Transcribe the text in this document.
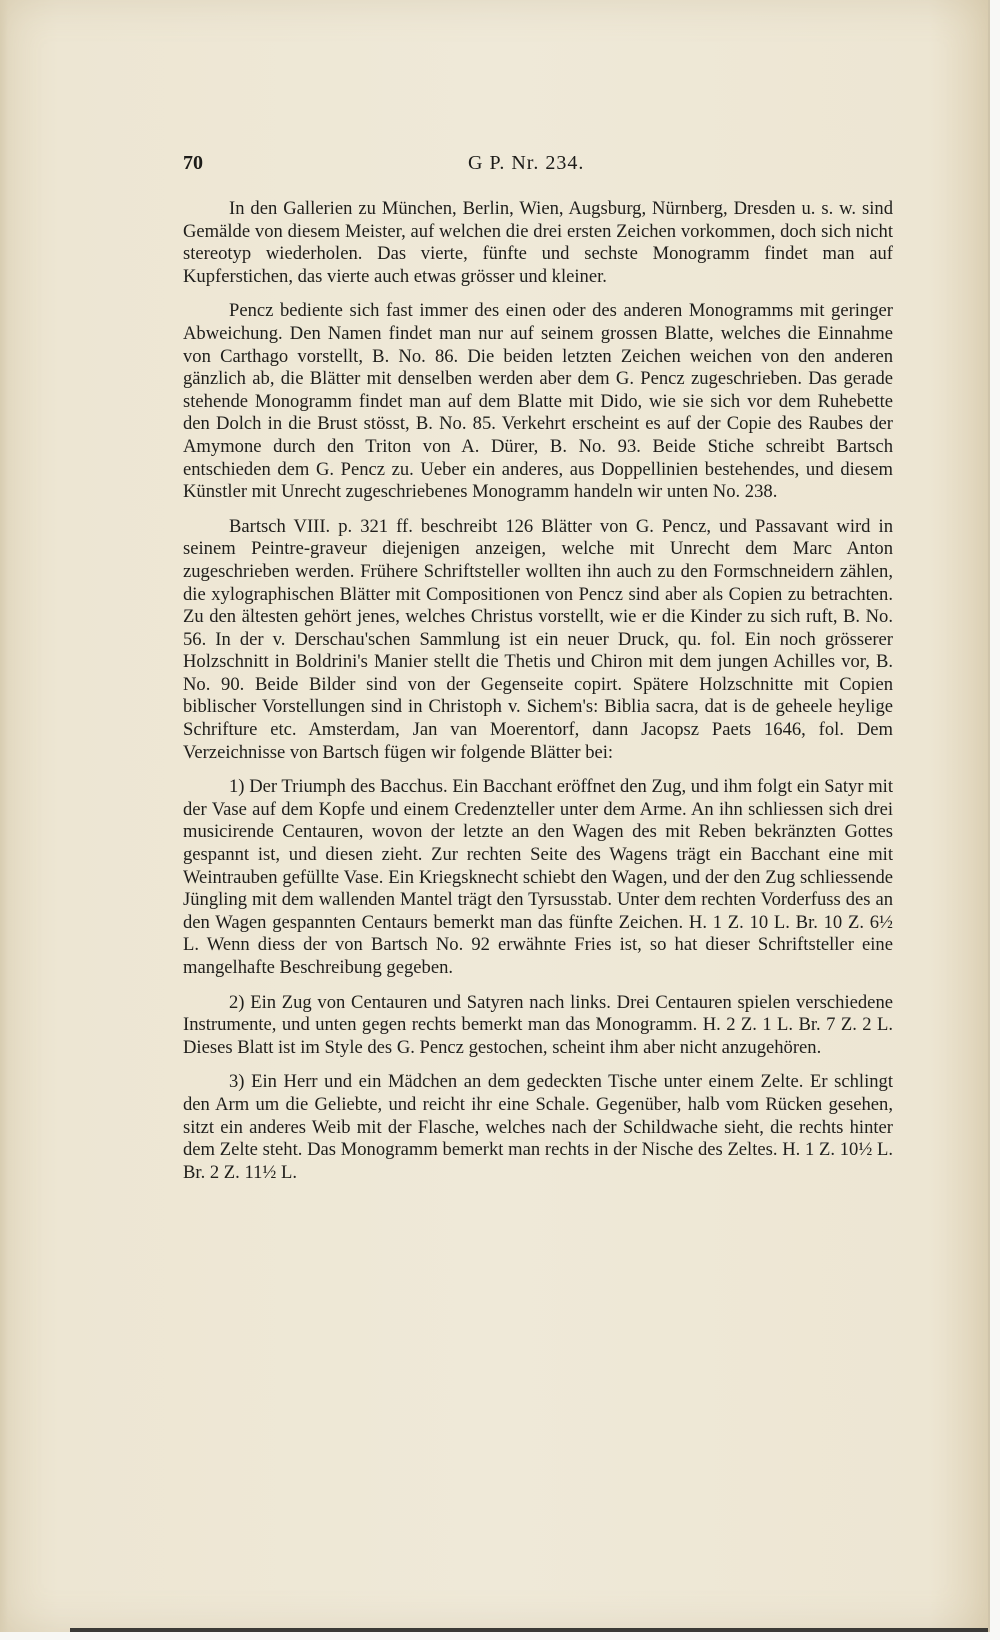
70	G P. Nr. 234.

In den Gallerien zu München, Berlin, Wien, Augsburg, Nürnberg, Dresden u. s. w. sind Gemälde von diesem Meister, auf welchen die drei ersten Zeichen vorkommen, doch sich nicht stereotyp wiederholen. Das vierte, fünfte und sechste Monogramm findet man auf Kupferstichen, das vierte auch etwas grösser und kleiner.

Pencz bediente sich fast immer des einen oder des anderen Monogramms mit geringer Abweichung. Den Namen findet man nur auf seinem grossen Blatte, welches die Einnahme von Carthago vorstellt, B. No. 86. Die beiden letzten Zeichen weichen von den anderen gänzlich ab, die Blätter mit denselben werden aber dem G. Pencz zugeschrieben. Das gerade stehende Monogramm findet man auf dem Blatte mit Dido, wie sie sich vor dem Ruhebette den Dolch in die Brust stösst, B. No. 85. Verkehrt erscheint es auf der Copie des Raubes der Amymone durch den Triton von A. Dürer, B. No. 93. Beide Stiche schreibt Bartsch entschieden dem G. Pencz zu. Ueber ein anderes, aus Doppellinien bestehendes, und diesem Künstler mit Unrecht zugeschriebenes Monogramm handeln wir unten No. 238.

Bartsch VIII. p. 321 ff. beschreibt 126 Blätter von G. Pencz, und Passavant wird in seinem Peintre-graveur diejenigen anzeigen, welche mit Unrecht dem Marc Anton zugeschrieben werden. Frühere Schriftsteller wollten ihn auch zu den Formschneidern zählen, die xylographischen Blätter mit Compositionen von Pencz sind aber als Copien zu betrachten. Zu den ältesten gehört jenes, welches Christus vorstellt, wie er die Kinder zu sich ruft, B. No. 56. In der v. Derschau'schen Sammlung ist ein neuer Druck, qu. fol. Ein noch grösserer Holzschnitt in Boldrini's Manier stellt die Thetis und Chiron mit dem jungen Achilles vor, B. No. 90. Beide Bilder sind von der Gegenseite copirt. Spätere Holzschnitte mit Copien biblischer Vorstellungen sind in Christoph v. Sichem's: Biblia sacra, dat is de geheele heylige Schrifture etc. Amsterdam, Jan van Moerentorf, dann Jacopsz Paets 1646, fol. Dem Verzeichnisse von Bartsch fügen wir folgende Blätter bei:

1) Der Triumph des Bacchus. Ein Bacchant eröffnet den Zug, und ihm folgt ein Satyr mit der Vase auf dem Kopfe und einem Credenzteller unter dem Arme. An ihn schliessen sich drei musicirende Centauren, wovon der letzte an den Wagen des mit Reben bekränzten Gottes gespannt ist, und diesen zieht. Zur rechten Seite des Wagens trägt ein Bacchant eine mit Weintrauben gefüllte Vase. Ein Kriegsknecht schiebt den Wagen, und der den Zug schliessende Jüngling mit dem wallenden Mantel trägt den Tyrsusstab. Unter dem rechten Vorderfuss des an den Wagen gespannten Centaurs bemerkt man das fünfte Zeichen. H. 1 Z. 10 L. Br. 10 Z. 6½ L. Wenn diess der von Bartsch No. 92 erwähnte Fries ist, so hat dieser Schriftsteller eine mangelhafte Beschreibung gegeben.

2) Ein Zug von Centauren und Satyren nach links. Drei Centauren spielen verschiedene Instrumente, und unten gegen rechts bemerkt man das Monogramm. H. 2 Z. 1 L. Br. 7 Z. 2 L. Dieses Blatt ist im Style des G. Pencz gestochen, scheint ihm aber nicht anzugehören.

3) Ein Herr und ein Mädchen an dem gedeckten Tische unter einem Zelte. Er schlingt den Arm um die Geliebte, und reicht ihr eine Schale. Gegenüber, halb vom Rücken gesehen, sitzt ein anderes Weib mit der Flasche, welches nach der Schildwache sieht, die rechts hinter dem Zelte steht. Das Monogramm bemerkt man rechts in der Nische des Zeltes. H. 1 Z. 10½ L. Br. 2 Z. 11½ L.
